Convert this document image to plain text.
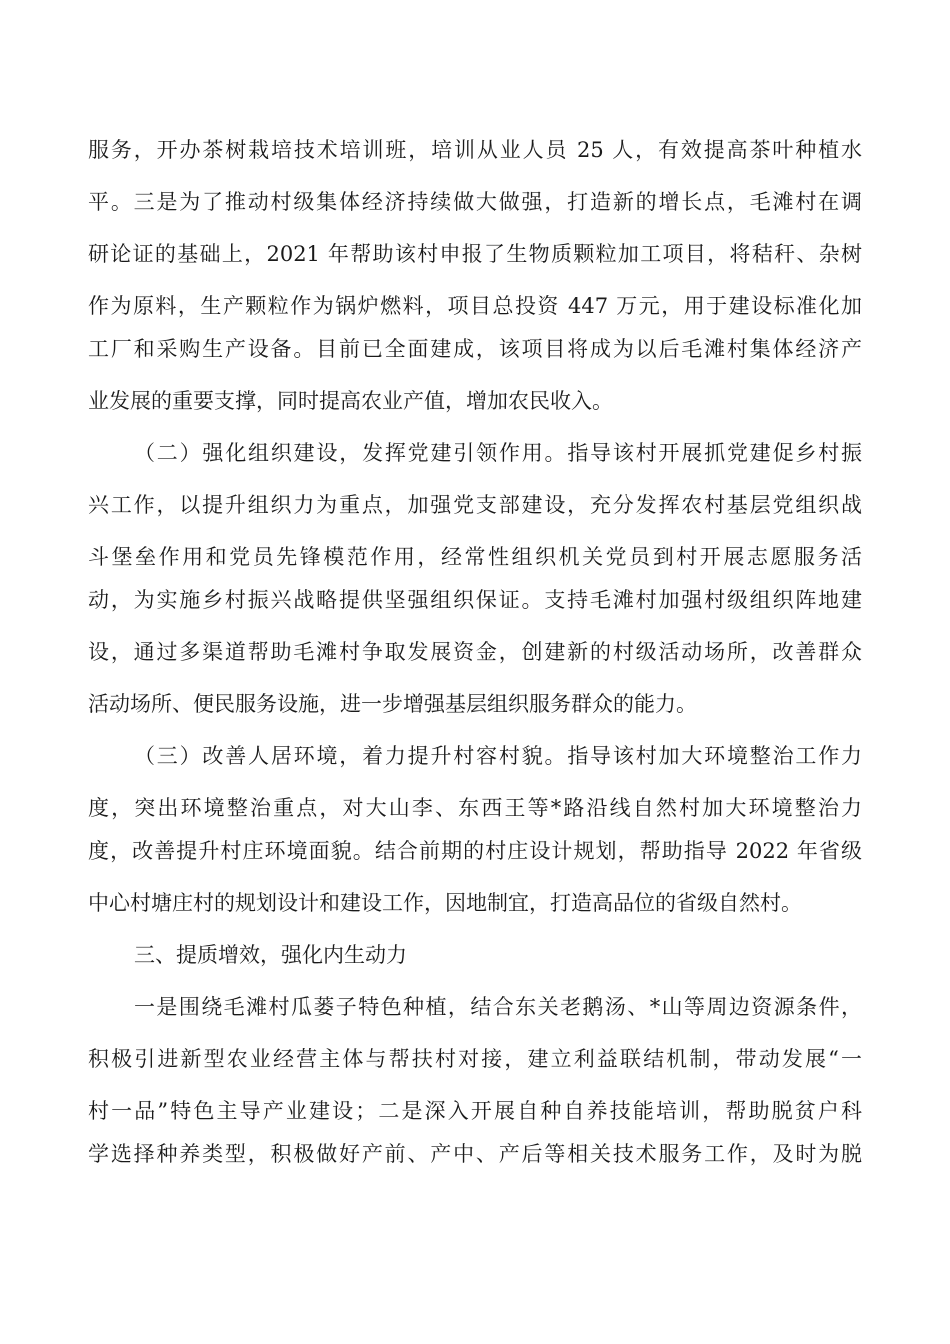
服务，开办茶树栽培技术培训班，培训从业人员 25 人，有效提高茶叶种植水
平。三是为了推动村级集体经济持续做大做强，打造新的增长点，毛滩村在调
研论证的基础上，2021 年帮助该村申报了生物质颗粒加工项目，将秸秆、杂树
作为原料，生产颗粒作为锅炉燃料，项目总投资 447 万元，用于建设标准化加
工厂和采购生产设备。目前已全面建成，该项目将成为以后毛滩村集体经济产
业发展的重要支撑，同时提高农业产值，增加农民收入。
（二）强化组织建设，发挥党建引领作用。指导该村开展抓党建促乡村振
兴工作，以提升组织力为重点，加强党支部建设，充分发挥农村基层党组织战
斗堡垒作用和党员先锋模范作用，经常性组织机关党员到村开展志愿服务活
动，为实施乡村振兴战略提供坚强组织保证。支持毛滩村加强村级组织阵地建
设，通过多渠道帮助毛滩村争取发展资金，创建新的村级活动场所，改善群众
活动场所、便民服务设施，进一步增强基层组织服务群众的能力。
（三）改善人居环境，着力提升村容村貌。指导该村加大环境整治工作力
度，突出环境整治重点，对大山李、东西王等*路沿线自然村加大环境整治力
度，改善提升村庄环境面貌。结合前期的村庄设计规划，帮助指导 2022 年省级
中心村塘庄村的规划设计和建设工作，因地制宜，打造高品位的省级自然村。
三、提质增效，强化内生动力
一是围绕毛滩村瓜蒌子特色种植，结合东关老鹅汤、*山等周边资源条件，
积极引进新型农业经营主体与帮扶村对接，建立利益联结机制，带动发展“一
村一品”特色主导产业建设；二是深入开展自种自养技能培训，帮助脱贫户科
学选择种养类型，积极做好产前、产中、产后等相关技术服务工作，及时为脱
